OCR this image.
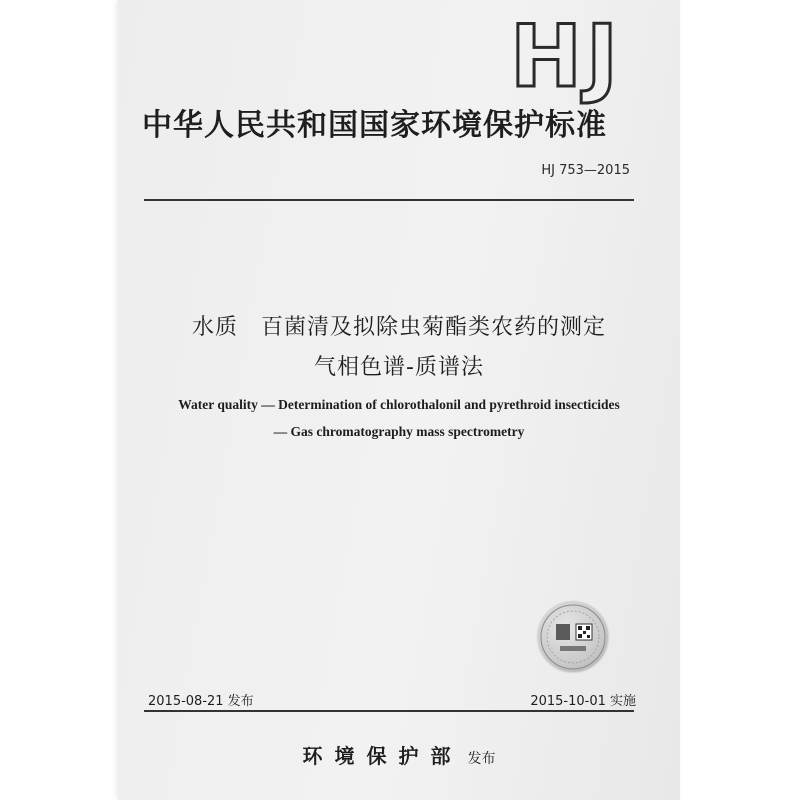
HJ
中华人民共和国国家环境保护标准
HJ 753—2015
水质　百菌清及拟除虫菊酯类农药的测定
气相色谱-质谱法
Water quality — Determination of chlorothalonil and pyrethroid insecticides
— Gas chromatography mass spectrometry
2015-08-21 发布	2015-10-01 实施
环境保护部 发布
